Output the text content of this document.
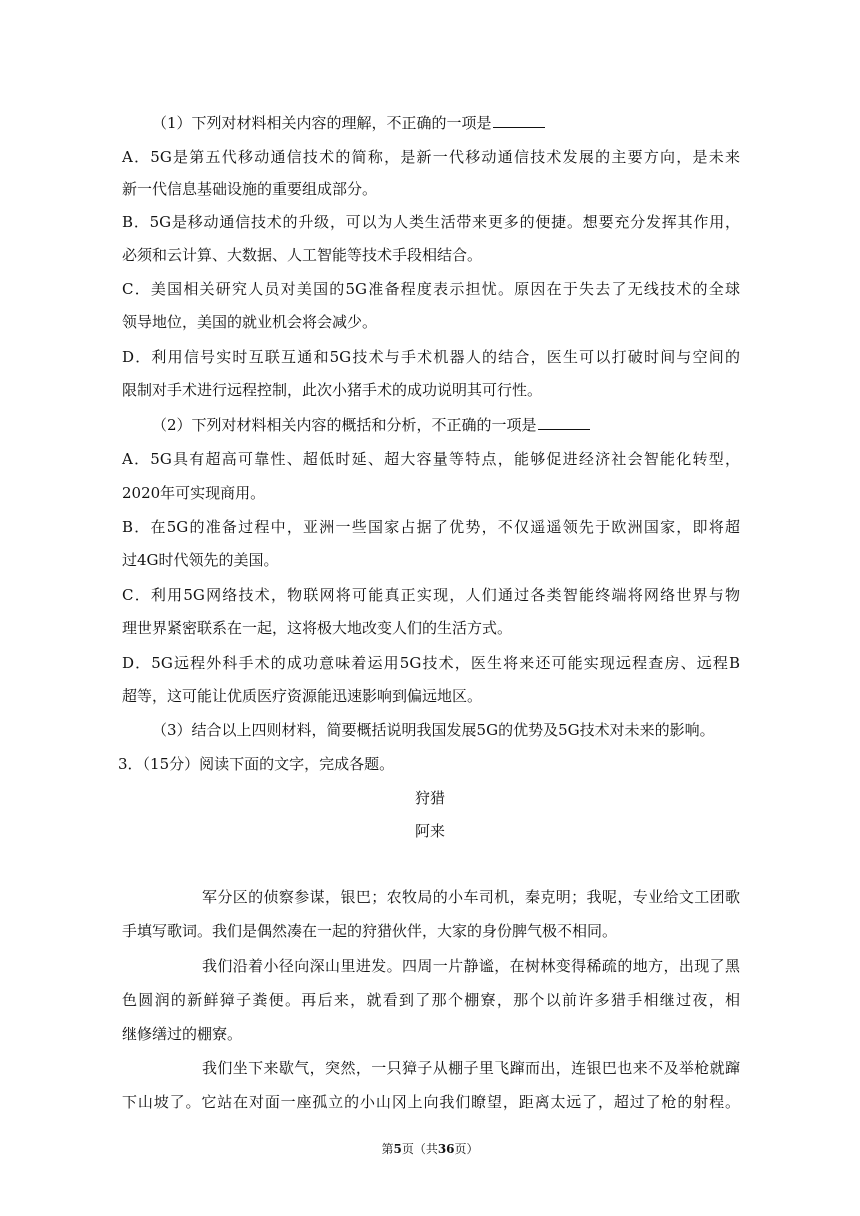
（1）下列对材料相关内容的理解，不正确的一项是
A．5G是第五代移动通信技术的简称，是新一代移动通信技术发展的主要方向，是未来
新一代信息基础设施的重要组成部分。
B．5G是移动通信技术的升级，可以为人类生活带来更多的便捷。想要充分发挥其作用，
必须和云计算、大数据、人工智能等技术手段相结合。
C．美国相关研究人员对美国的5G准备程度表示担忧。原因在于失去了无线技术的全球
领导地位，美国的就业机会将会减少。
D．利用信号实时互联互通和5G技术与手术机器人的结合，医生可以打破时间与空间的
限制对手术进行远程控制，此次小猪手术的成功说明其可行性。
（2）下列对材料相关内容的概括和分析，不正确的一项是
A．5G具有超高可靠性、超低时延、超大容量等特点，能够促进经济社会智能化转型，
2020年可实现商用。
B．在5G的准备过程中，亚洲一些国家占据了优势，不仅遥遥领先于欧洲国家，即将超
过4G时代领先的美国。
C．利用5G网络技术，物联网将可能真正实现，人们通过各类智能终端将网络世界与物
理世界紧密联系在一起，这将极大地改变人们的生活方式。
D．5G远程外科手术的成功意味着运用5G技术，医生将来还可能实现远程查房、远程B
超等，这可能让优质医疗资源能迅速影响到偏远地区。
（3）结合以上四则材料，简要概括说明我国发展5G的优势及5G技术对未来的影响。
3．（15分）阅读下面的文字，完成各题。
狩猎
阿来
军分区的侦察参谋，银巴；农牧局的小车司机，秦克明；我呢，专业给文工团歌
手填写歌词。我们是偶然凑在一起的狩猎伙伴，大家的身份脾气极不相同。
我们沿着小径向深山里进发。四周一片静谧，在树林变得稀疏的地方，出现了黑
色圆润的新鲜獐子粪便。再后来，就看到了那个棚寮，那个以前许多猎手相继过夜，相
继修缮过的棚寮。
我们坐下来歇气，突然，一只獐子从棚子里飞蹿而出，连银巴也来不及举枪就蹿
下山坡了。它站在对面一座孤立的小山冈上向我们瞭望，距离太远了，超过了枪的射程。
第5页（共36页）
